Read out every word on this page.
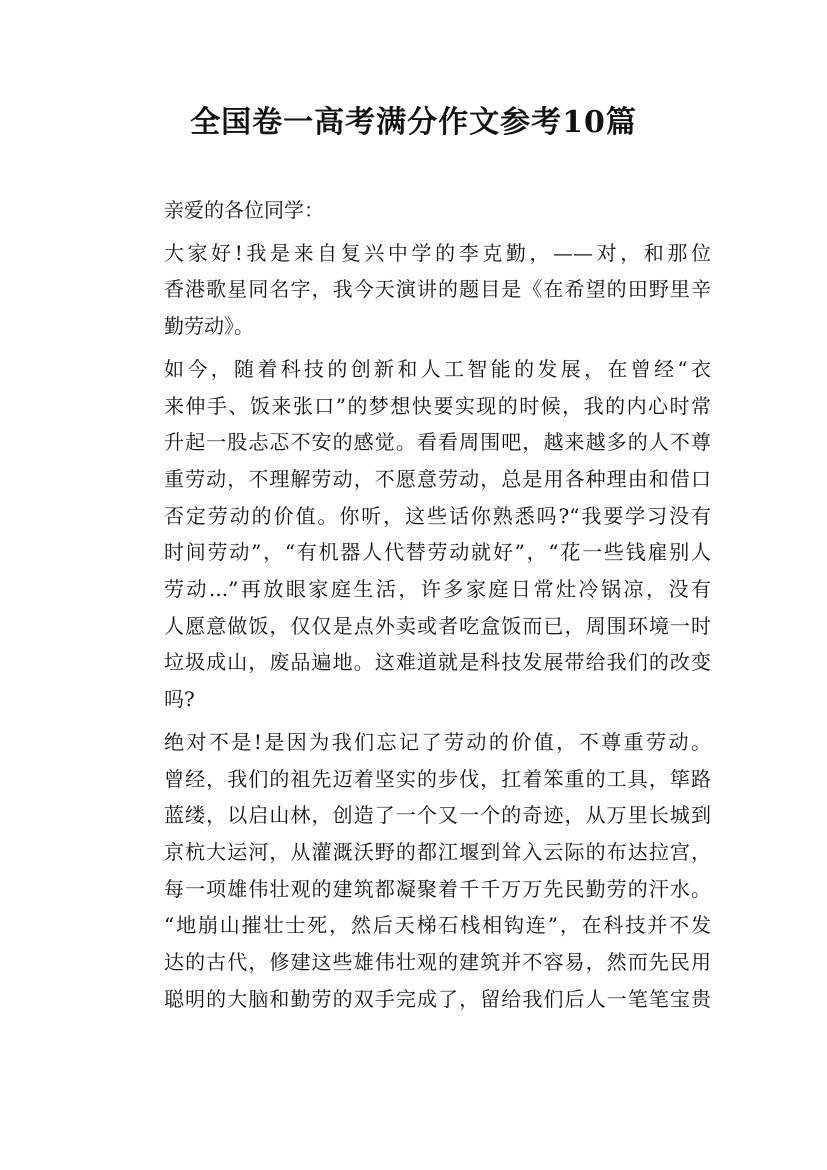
全国卷一高考满分作文参考10篇

亲爱的各位同学：

大家好!我是来自复兴中学的李克勤，——对，和那位
香港歌星同名字，我今天演讲的题目是《在希望的田野里辛
勤劳动》。

如今，随着科技的创新和人工智能的发展，在曾经“衣
来伸手、饭来张口”的梦想快要实现的时候，我的内心时常
升起一股忐忑不安的感觉。看看周围吧，越来越多的人不尊
重劳动，不理解劳动，不愿意劳动，总是用各种理由和借口
否定劳动的价值。你听，这些话你熟悉吗?“我要学习没有
时间劳动”，“有机器人代替劳动就好”，“花一些钱雇别人
劳动...”再放眼家庭生活，许多家庭日常灶冷锅凉，没有
人愿意做饭，仅仅是点外卖或者吃盒饭而已，周围环境一时
垃圾成山，废品遍地。这难道就是科技发展带给我们的改变
吗?

绝对不是!是因为我们忘记了劳动的价值，不尊重劳动。
曾经，我们的祖先迈着坚实的步伐，扛着笨重的工具，筚路
蓝缕，以启山林，创造了一个又一个的奇迹，从万里长城到
京杭大运河，从灌溉沃野的都江堰到耸入云际的布达拉宫，
每一项雄伟壮观的建筑都凝聚着千千万万先民勤劳的汗水。
“地崩山摧壮士死，然后天梯石栈相钩连”，在科技并不发
达的古代，修建这些雄伟壮观的建筑并不容易，然而先民用
聪明的大脑和勤劳的双手完成了，留给我们后人一笔笔宝贵
